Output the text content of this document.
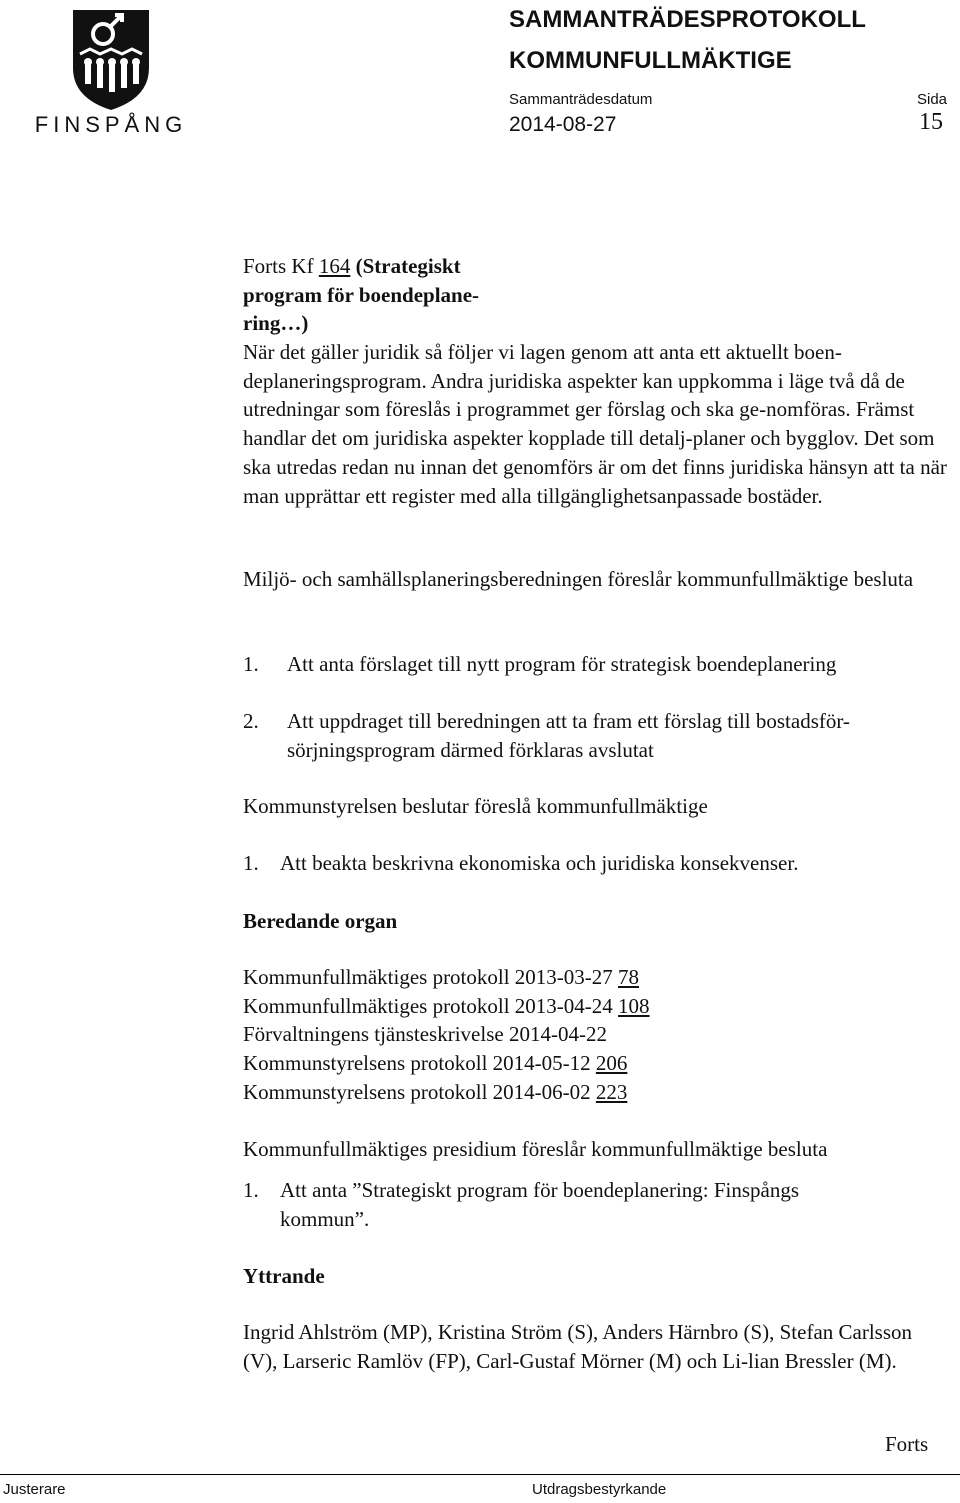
FINSPÅNG
SAMMANTRÄDESPROTOKOLL
KOMMUNFULLMÄKTIGE
Sammanträdesdatum	Sida
2014-08-27	15
Forts Kf 164 (Strategiskt program för boendeplane-ring…)

När det gäller juridik så följer vi lagen genom att anta ett aktuellt boen-deplaneringsprogram. Andra juridiska aspekter kan uppkomma i läge två då de utredningar som föreslås i programmet ger förslag och ska ge-nomföras. Främst handlar det om juridiska aspekter kopplade till detalj-planer och bygglov. Det som ska utredas redan nu innan det genomförs är om det finns juridiska hänsyn att ta när man upprättar ett register med alla tillgänglighetsanpassade bostäder.

Miljö- och samhällsplaneringsberedningen föreslår kommunfullmäktige besluta

1.	Att anta förslaget till nytt program för strategisk boendeplanering
2.	Att uppdraget till beredningen att ta fram ett förslag till bostadsför-sörjningsprogram därmed förklaras avslutat

Kommunstyrelsen beslutar föreslå kommunfullmäktige

1.	Att beakta beskrivna ekonomiska och juridiska konsekvenser.
Beredande organ
Kommunfullmäktiges protokoll 2013-03-27 78
Kommunfullmäktiges protokoll 2013-04-24 108
Förvaltningens tjänsteskrivelse 2014-04-22
Kommunstyrelsens protokoll 2014-05-12 206
Kommunstyrelsens protokoll 2014-06-02 223

Kommunfullmäktiges presidium föreslår kommunfullmäktige besluta

1.	Att anta ”Strategiskt program för boendeplanering: Finspångs kommun”.
Yttrande

Ingrid Ahlström (MP), Kristina Ström (S), Anders Härnbro (S), Stefan Carlsson (V), Larseric Ramlöv (FP), Carl-Gustaf Mörner (M) och Li-lian Bressler (M).

Forts
Justerare	Utdragsbestyrkande
